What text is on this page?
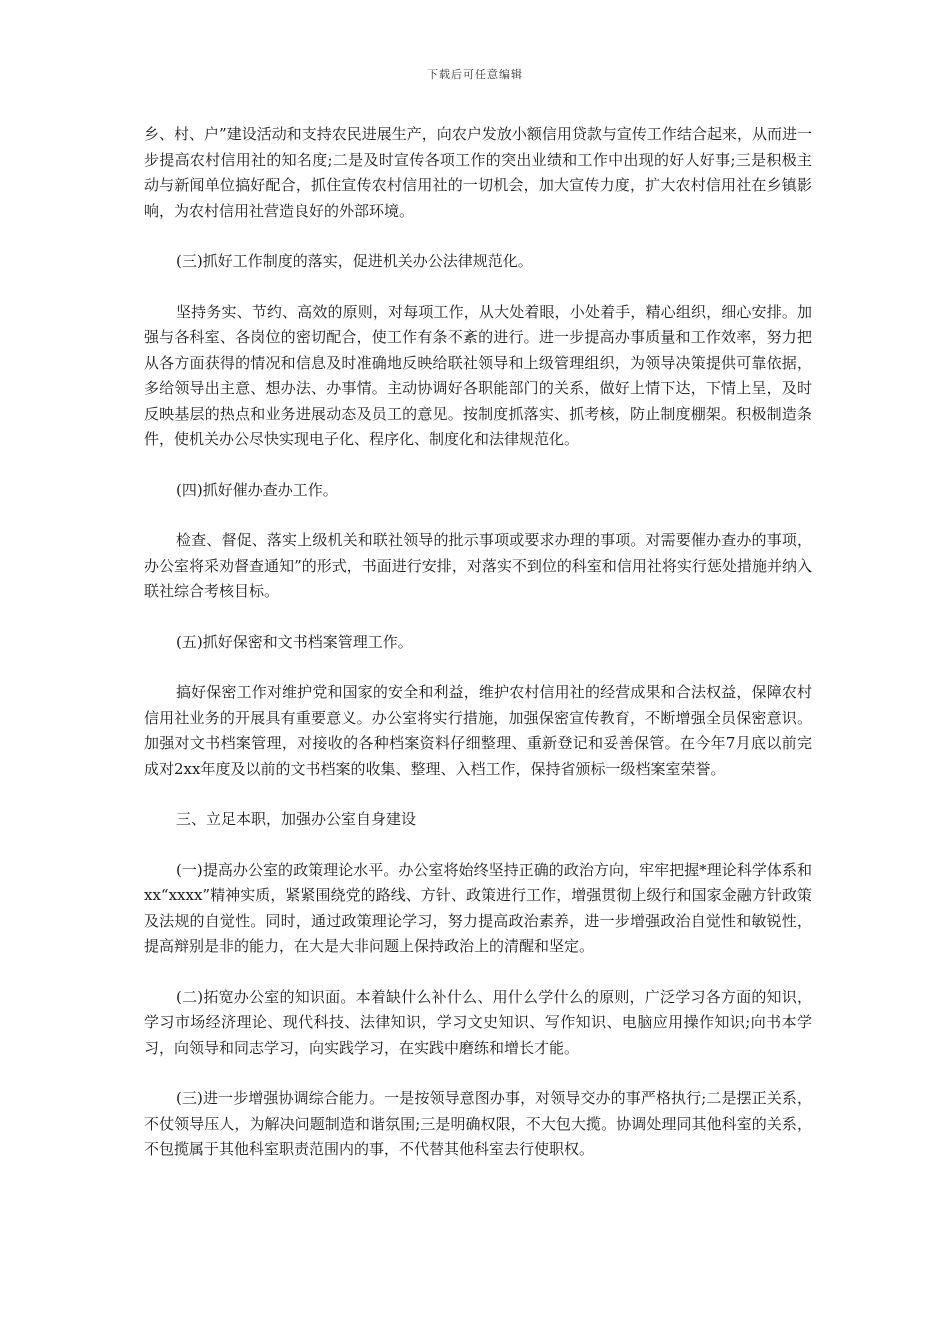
下载后可任意编辑

乡、村、户”建设活动和支持农民进展生产，向农户发放小额信用贷款与宣传工作结合起来，从而进一步提高农村信用社的知名度;二是及时宣传各项工作的突出业绩和工作中出现的好人好事;三是积极主动与新闻单位搞好配合，抓住宣传农村信用社的一切机会，加大宣传力度，扩大农村信用社在乡镇影响，为农村信用社营造良好的外部环境。

(三)抓好工作制度的落实，促进机关办公法律规范化。

坚持务实、节约、高效的原则，对每项工作，从大处着眼，小处着手，精心组织，细心安排。加强与各科室、各岗位的密切配合，使工作有条不紊的进行。进一步提高办事质量和工作效率，努力把从各方面获得的情况和信息及时准确地反映给联社领导和上级管理组织，为领导决策提供可靠依据，多给领导出主意、想办法、办事情。主动协调好各职能部门的关系，做好上情下达，下情上呈，及时反映基层的热点和业务进展动态及员工的意见。按制度抓落实、抓考核，防止制度棚架。积极制造条件，使机关办公尽快实现电子化、程序化、制度化和法律规范化。

(四)抓好催办查办工作。

检查、督促、落实上级机关和联社领导的批示事项或要求办理的事项。对需要催办查办的事项，办公室将采劝督查通知”的形式，书面进行安排，对落实不到位的科室和信用社将实行惩处措施并纳入联社综合考核目标。

(五)抓好保密和文书档案管理工作。

搞好保密工作对维护党和国家的安全和利益，维护农村信用社的经营成果和合法权益，保障农村信用社业务的开展具有重要意义。办公室将实行措施，加强保密宣传教育，不断增强全员保密意识。加强对文书档案管理，对接收的各种档案资料仔细整理、重新登记和妥善保管。在今年7月底以前完成对2xx年度及以前的文书档案的收集、整理、入档工作，保持省颁标一级档案室荣誉。

三、立足本职，加强办公室自身建设

(一)提高办公室的政策理论水平。办公室将始终坚持正确的政治方向，牢牢把握*理论科学体系和xx“xxxx”精神实质，紧紧围绕党的路线、方针、政策进行工作，增强贯彻上级行和国家金融方针政策及法规的自觉性。同时，通过政策理论学习，努力提高政治素养，进一步增强政治自觉性和敏锐性，提高辩别是非的能力，在大是大非问题上保持政治上的清醒和坚定。

(二)拓宽办公室的知识面。本着缺什么补什么、用什么学什么的原则，广泛学习各方面的知识，学习市场经济理论、现代科技、法律知识，学习文史知识、写作知识、电脑应用操作知识;向书本学习，向领导和同志学习，向实践学习，在实践中磨练和增长才能。

(三)进一步增强协调综合能力。一是按领导意图办事，对领导交办的事严格执行;二是摆正关系，不仗领导压人，为解决问题制造和谐氛围;三是明确权限，不大包大揽。协调处理同其他科室的关系，不包揽属于其他科室职责范围内的事，不代替其他科室去行使职权。
